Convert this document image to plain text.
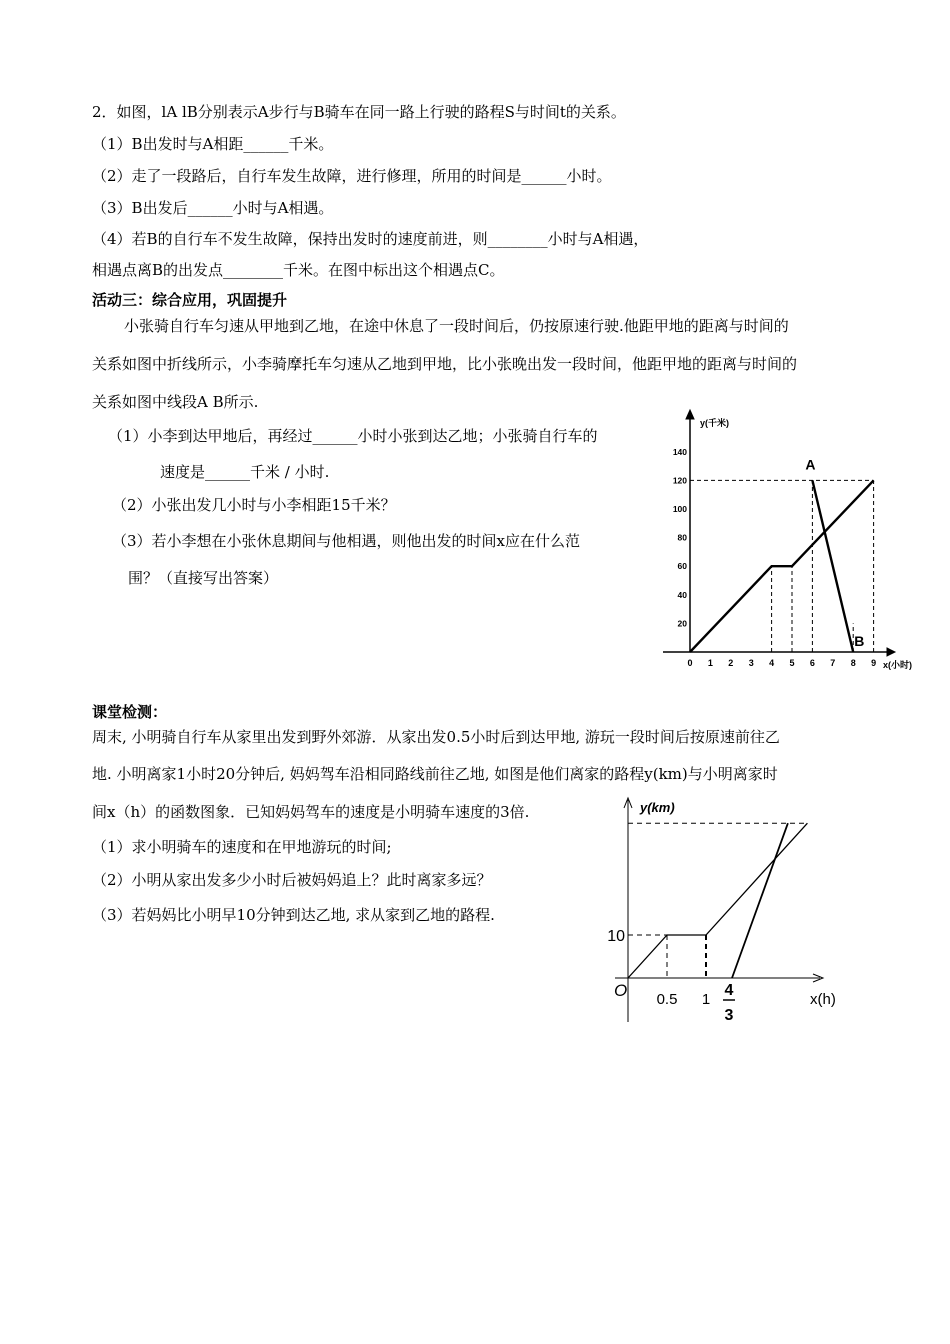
2．如图，lA lB分别表示A步行与B骑车在同一路上行驶的路程S与时间t的关系。
（1）B出发时与A相距______千米。
（2）走了一段路后，自行车发生故障，进行修理，所用的时间是______小时。
（3）B出发后______小时与A相遇。
（4）若B的自行车不发生故障，保持出发时的速度前进，则________小时与A相遇，
相遇点离B的出发点________千米。在图中标出这个相遇点C。
活动三：综合应用，巩固提升
小张骑自行车匀速从甲地到乙地，在途中休息了一段时间后，仍按原速行驶.他距甲地的距离与时间的
关系如图中折线所示，小李骑摩托车匀速从乙地到甲地，比小张晚出发一段时间，他距甲地的距离与时间的
关系如图中线段A B所示.
（1）小李到达甲地后，再经过______小时小张到达乙地；小张骑自行车的
速度是______千米 / 小时.
（2）小张出发几小时与小李相距15千米？
（3）若小李想在小张休息期间与他相遇，则他出发的时间x应在什么范
围？（直接写出答案）
0 1 2 3 4 5 6 7 8 9
20
40
60
80
100
120
140
x(小时)
y(千米)
A
B
课堂检测：
周末, 小明骑自行车从家里出发到野外郊游．从家出发0.5小时后到达甲地, 游玩一段时间后按原速前往乙
地. 小明离家1小时20分钟后, 妈妈驾车沿相同路线前往乙地, 如图是他们离家的路程y(km)与小明离家时
间x（h）的函数图象．已知妈妈驾车的速度是小明骑车速度的3倍.
（1）求小明骑车的速度和在甲地游玩的时间;
（2）小明从家出发多少小时后被妈妈追上？此时离家多远？
（3）若妈妈比小明早10分钟到达乙地, 求从家到乙地的路程.
y(km)
x(h)
O
10
0.5 1
4
3
